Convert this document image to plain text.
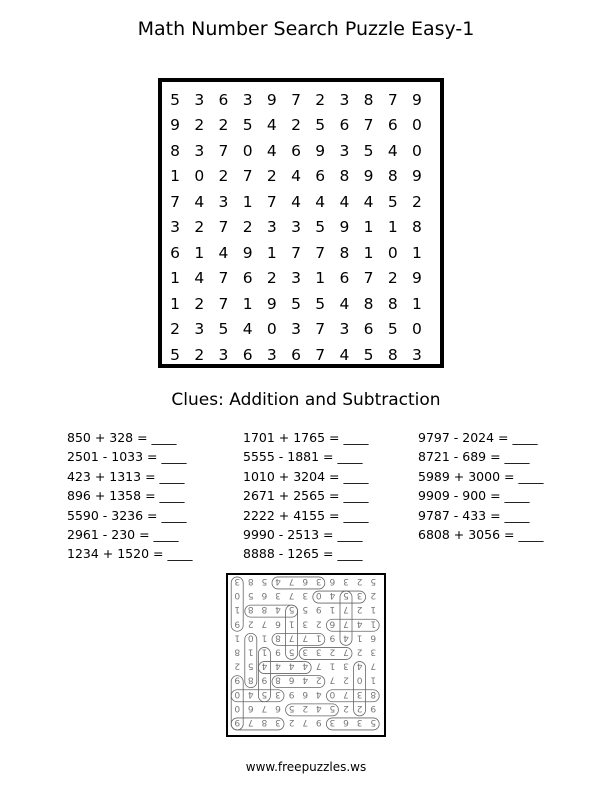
Math Number Search Puzzle Easy-1
5 3 6 3 9 7 2 3 8 7 9
9 2 2 5 4 2 5 6 7 6 0
8 3 7 0 4 6 9 3 5 4 0
1 0 2 7 2 4 6 8 9 8 9
7 4 3 1 7 4 4 4 4 5 2
3 2 7 2 3 3 5 9 1 1 8
6 1 4 9 1 7 7 8 1 0 1
1 4 7 6 2 3 1 6 7 2 9
1 2 7 1 9 5 5 4 8 8 1
2 3 5 4 0 3 7 3 6 5 0
5 2 3 6 3 6 7 4 5 8 3
Clues: Addition and Subtraction
850 + 328 = ____
2501 - 1033 = ____
423 + 1313 = ____
896 + 1358 = ____
5590 - 3236 = ____
2961 - 230 = ____
1234 + 1520 = ____
1701 + 1765 = ____
5555 - 1881 = ____
1010 + 3204 = ____
2671 + 2565 = ____
2222 + 4155 = ____
9990 - 2513 = ____
8888 - 1265 = ____
9797 - 2024 = ____
8721 - 689 = ____
5989 + 3000 = ____
9909 - 900 = ____
9787 - 433 = ____
6808 + 3056 = ____
5
3
6
3
9
7
2
3
8
7
9
9
2
2
5
4
2
5
6
7
6
0
8
3
7
0
4
6
9
3
5
4
0
1
0
2
7
2
4
6
8
9
8
9
7
4
3
1
7
4
4
4
4
5
2
3
2
7
2
3
3
5
9
1
1
8
6
1
4
9
1
7
7
8
1
0
1
1
4
7
6
2
3
1
6
7
2
9
1
2
7
1
9
5
5
4
8
8
1
2
3
5
4
0
3
7
3
6
5
0
5
2
3
6
3
6
7
4
5
8
3
www.freepuzzles.ws
